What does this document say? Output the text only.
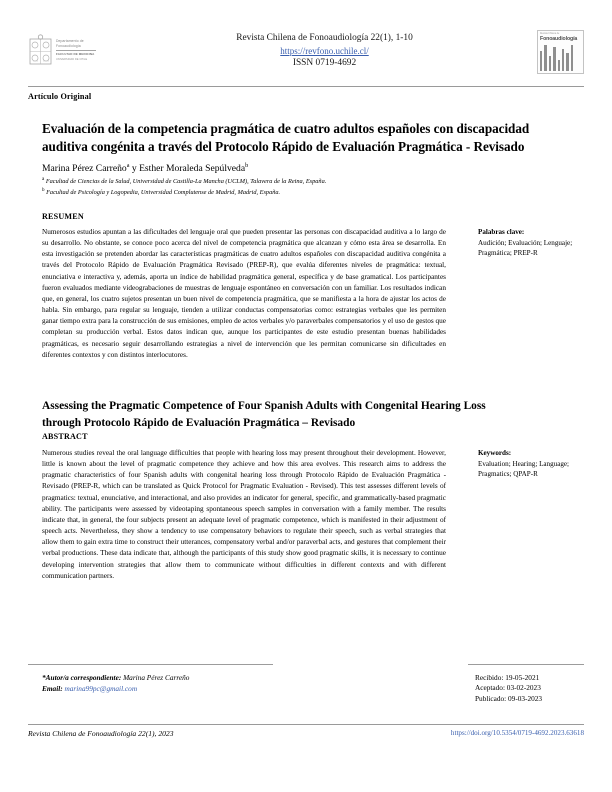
Departamento de
Fonoaudiología
FACULTAD DE MEDICINA
UNIVERSIDAD DE CHILE
Revista Chilena de Fonoaudiología 22(1), 1-10
https://revfono.uchile.cl/
ISSN 0719-4692
Revista Chilena de
Fonoaudiología
Artículo Original
Evaluación de la competencia pragmática de cuatro adultos españoles con discapacidad auditiva congénita a través del Protocolo Rápido de Evaluación Pragmática - Revisado
Marina Pérez Carreño$^a$ y Esther Moraleda Sepúlveda$^b$
$^a$ Facultad de Ciencias de la Salud, Universidad de Castilla-La Mancha (UCLM), Talavera de la Reina, España.
$^b$ Facultad de Psicología y Logopedia, Universidad Complutense de Madrid, Madrid, España.
RESUMEN
Numerosos estudios apuntan a las dificultades del lenguaje oral que pueden presentar las personas con discapacidad auditiva a lo largo de su desarrollo. No obstante, se conoce poco acerca del nivel de competencia pragmática que alcanzan y cómo esta área se desarrolla. En esta investigación se pretenden abordar las características pragmáticas de cuatro adultos españoles con discapacidad auditiva congénita a través del Protocolo Rápido de Evaluación Pragmática Revisado (PREP-R), que evalúa diferentes niveles de pragmática: textual, enunciativa e interactiva y, además, aporta un índice de habilidad pragmática general, específica y de base gramatical. Los participantes fueron evaluados mediante videograbaciones de muestras de lenguaje espontáneo en conversación con un familiar. Los resultados indican que, en general, los cuatro sujetos presentan un buen nivel de competencia pragmática, que se manifiesta a la hora de ajustar los actos de habla. Sin embargo, para regular su lenguaje, tienden a utilizar conductas compensatorias como: estrategias verbales que les permiten ganar tiempo extra para la construcción de sus emisiones, empleo de actos verbales y/o paraverbales compensatorios y el uso de gestos que completan su producción verbal. Estos datos indican que, aunque los participantes de este estudio presentan buenas habilidades pragmáticas, es necesario seguir desarrollando estrategias a nivel de intervención que les permitan comunicarse sin dificultades en diferentes contextos y con distintos interlocutores.
Palabras clave:
Audición; Evaluación; Lenguaje; Pragmática; PREP-R
Assessing the Pragmatic Competence of Four Spanish Adults with Congenital Hearing Loss through Protocolo Rápido de Evaluación Pragmática – Revisado
ABSTRACT
Numerous studies reveal the oral language difficulties that people with hearing loss may present throughout their development. However, little is known about the level of pragmatic competence they achieve and how this area evolves. This research aims to address the pragmatic characteristics of four Spanish adults with congenital hearing loss through Protocolo Rápido de Evaluación Pragmática - Revisado (PREP-R, which can be translated as Quick Protocol for Pragmatic Evaluation - Revised). This test assesses different levels of pragmatics: textual, enunciative, and interactional, and also provides an indicator for general, specific, and grammatically-based pragmatic ability. The participants were assessed by videotaping spontaneous speech samples in conversation with a family member. The results indicate that, in general, the four subjects present an adequate level of pragmatic competence, which is manifested in their adjustment of speech acts. Nevertheless, they show a tendency to use compensatory behaviors to regulate their speech, such as verbal strategies that allow them to gain extra time to construct their utterances, compensatory verbal and/or paraverbal acts, and gestures that complement their verbal productions. These data indicate that, although the participants of this study show good pragmatic skills, it is necessary to continue developing intervention strategies that allow them to communicate without difficulties in different contexts and with different communication partners.
Keywords:
Evaluation; Hearing; Language; Pragmatics; QPAP-R
*Autor/a correspondiente: Marina Pérez Carreño
Email: marina99pc@gmail.com
Recibido: 19-05-2021
Aceptado: 03-02-2023
Publicado: 09-03-2023
Revista Chilena de Fonoaudiología 22(1), 2023	https://doi.org/10.5354/0719-4692.2023.63618
